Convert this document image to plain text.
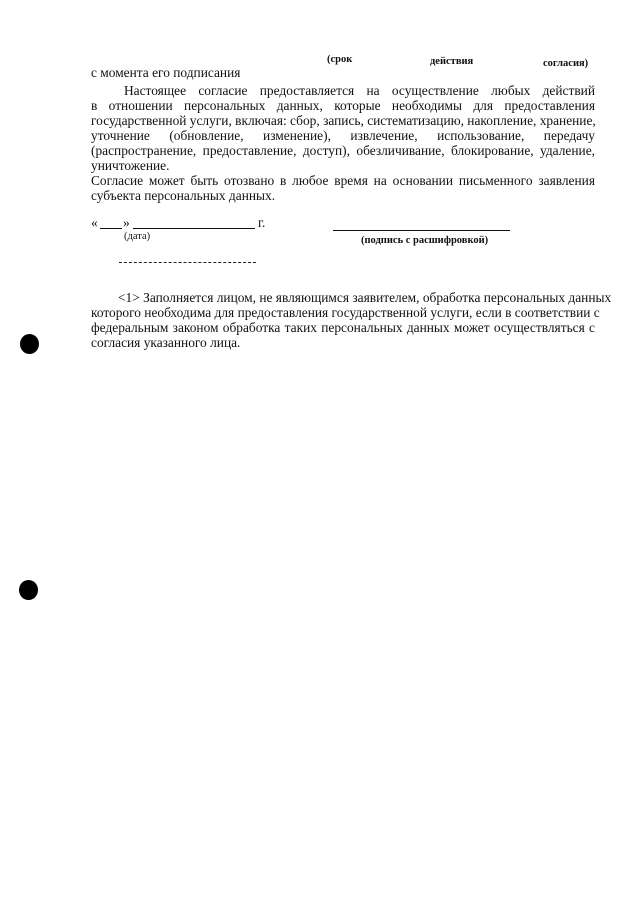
(срок	действия	согласия)
с момента его подписания
Настоящее согласие предоставляется на осуществление любых действий
в отношении персональных данных, которые необходимы для предоставления
государственной услуги, включая: сбор, запись, систематизацию, накопление, хранение,
уточнение (обновление, изменение), извлечение, использование, передачу
(распространение, предоставление, доступ), обезличивание, блокирование, удаление,
уничтожение.
Согласие может быть отозвано в любое время на основании письменного заявления
субъекта персональных данных.
« »	г.
(дата)	(подпись с расшифровкой)
<1> Заполняется лицом, не являющимся заявителем, обработка персональных данных
которого необходима для предоставления государственной услуги, если в соответствии с
федеральным законом обработка таких персональных данных может осуществляться с
согласия указанного лица.
